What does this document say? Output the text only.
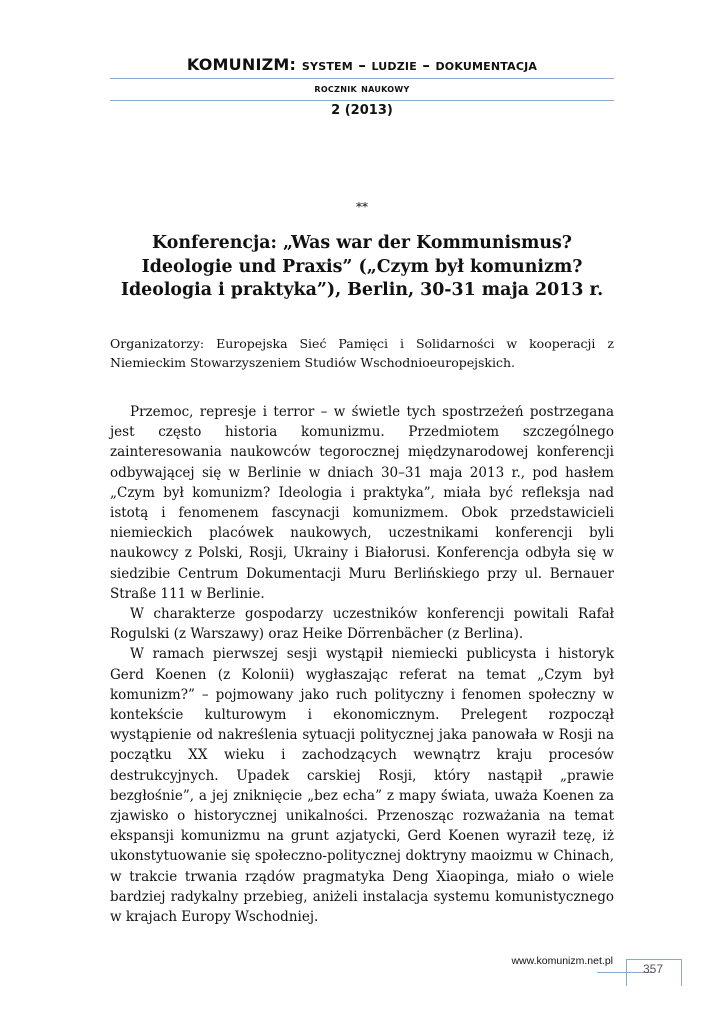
KOMUNIZM: system – ludzie – dokumentacja
rocznik naukowy
2 (2013)
**
Konferencja: „Was war der Kommunismus?
Ideologie und Praxis” („Czym był komunizm?
Ideologia i praktyka”), Berlin, 30-31 maja 2013 r.
Organizatorzy: Europejska Sieć Pamięci i Solidarności w kooperacji z Niemieckim Stowarzyszeniem Studiów Wschodnioeuropejskich.

Przemoc, represje i terror – w świetle tych spostrzeżeń postrzegana jest często historia komunizmu. Przedmiotem szczególnego zainteresowania naukowców tegorocznej międzynarodowej konferencji odbywającej się w Berlinie w dniach 30–31 maja 2013 r., pod hasłem „Czym był komunizm? Ideologia i praktyka”, miała być refleksja nad istotą i fenomenem fascynacji komunizmem. Obok przedstawicieli niemieckich placówek naukowych, uczestnikami konferencji byli naukowcy z Polski, Rosji, Ukrainy i Białorusi. Konferencja odbyła się w siedzibie Centrum Dokumentacji Muru Berlińskiego przy ul. Bernauer Straße 111 w Berlinie.

W charakterze gospodarzy uczestników konferencji powitali Rafał Rogulski (z Warszawy) oraz Heike Dörrenbächer (z Berlina).

W ramach pierwszej sesji wystąpił niemiecki publicysta i historyk Gerd Koenen (z Kolonii) wygłaszając referat na temat „Czym był komunizm?” – pojmowany jako ruch polityczny i fenomen społeczny w kontekście kulturowym i ekonomicznym. Prelegent rozpoczął wystąpienie od nakreślenia sytuacji politycznej jaka panowała w Rosji na początku XX wieku i zachodzących wewnątrz kraju procesów destrukcyjnych. Upadek carskiej Rosji, który nastąpił „prawie bezgłośnie”, a jej zniknięcie „bez echa” z mapy świata, uważa Koenen za zjawisko o historycznej unikalności. Przenosząc rozważania na temat ekspansji komunizmu na grunt azjatycki, Gerd Koenen wyraził tezę, iż ukonstytuowanie się społeczno-politycznej doktryny maoizmu w Chinach, w trakcie trwania rządów pragmatyka Deng Xiaopinga, miało o wiele bardziej radykalny przebieg, aniżeli instalacja systemu komunistycznego w krajach Europy Wschodniej.

www.komunizm.net.pl
357
